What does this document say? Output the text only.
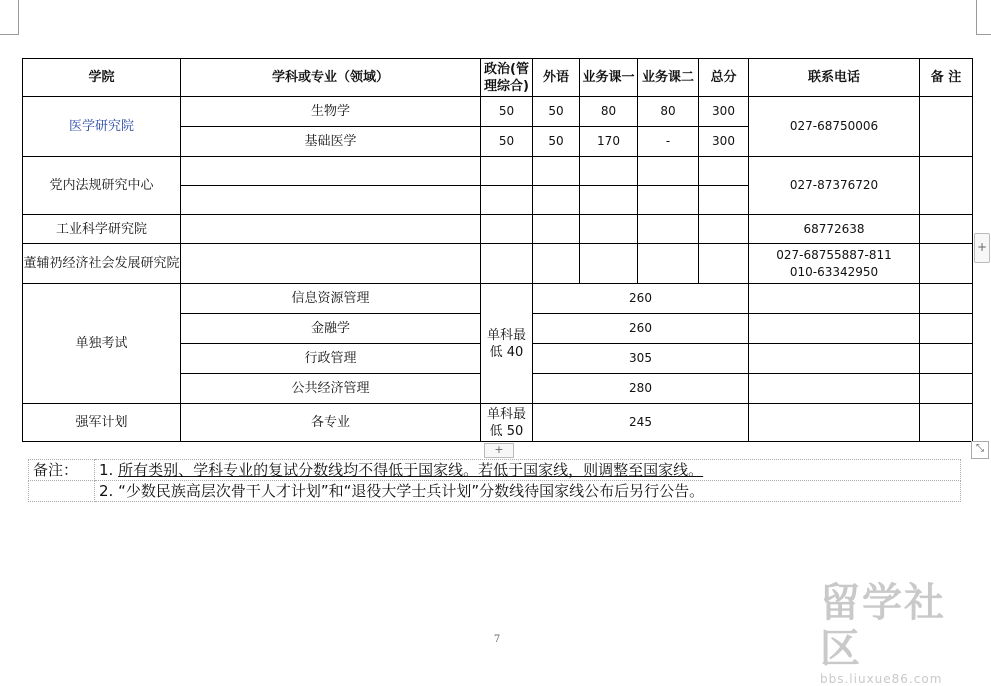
学院	学科或专业（领域）	政治(管理综合)	外语	业务课一	业务课二	总分	联系电话	备 注
医学研究院	生物学	50	50	80	80	300	027-68750006	
	基础医学	50	50	170	-	300		
党内法规研究中心							027-87376720	

工业科学研究院							68772638	
董辅礽经济社会发展研究院							027-68755887-811
010-63342950	

单独考试	信息资源管理	单科最低 40	260					
	金融学		260					
	行政管理		305					
	公共经济管理		280					
强军计划	各专业	单科最低 50	245					
+
+	⤡
备注：	1. 所有类别、学科专业的复试分数线均不得低于国家线。若低于国家线，则调整至国家线。
	2. “少数民族高层次骨干人才计划”和“退役大学士兵计划”分数线待国家线公布后另行公告。
7
留学社区
bbs.liuxue86.com
